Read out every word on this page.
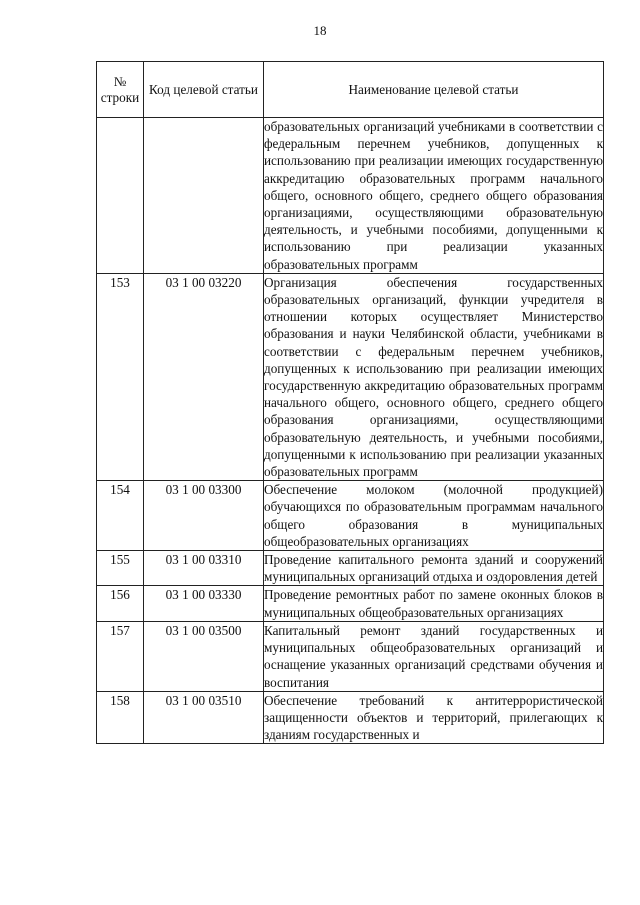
18
№ строки	Код целевой статьи	Наименование целевой статьи

		образовательных организаций учебниками в соответствии с федеральным перечнем учебников, допущенных к использованию при реализации имеющих государственную аккредитацию образовательных программ начального общего, основного общего, среднего общего образования организациями, осуществляющими образовательную деятельность, и учебными пособиями, допущенными к использованию при реализации указанных образовательных программ
153	03 1 00 03220	Организация обеспечения государственных образовательных организаций, функции учредителя в отношении которых осуществляет Министерство образования и науки Челябинской области, учебниками в соответствии с федеральным перечнем учебников, допущенных к использованию при реализации имеющих государственную аккредитацию образовательных программ начального общего, основного общего, среднего общего образования организациями, осуществляющими образовательную деятельность, и учебными пособиями, допущенными к использованию при реализации указанных образовательных программ
154	03 1 00 03300	Обеспечение молоком (молочной продукцией) обучающихся по образовательным программам начального общего образования в муниципальных общеобразовательных организациях
155	03 1 00 03310	Проведение капитального ремонта зданий и сооружений муниципальных организаций отдыха и оздоровления детей
156	03 1 00 03330	Проведение ремонтных работ по замене оконных блоков в муниципальных общеобразовательных организациях
157	03 1 00 03500	Капитальный ремонт зданий государственных и муниципальных общеобразовательных организаций и оснащение указанных организаций средствами обучения и воспитания
158	03 1 00 03510	Обеспечение требований к антитеррористической защищенности объектов и территорий, прилегающих к зданиям государственных и
